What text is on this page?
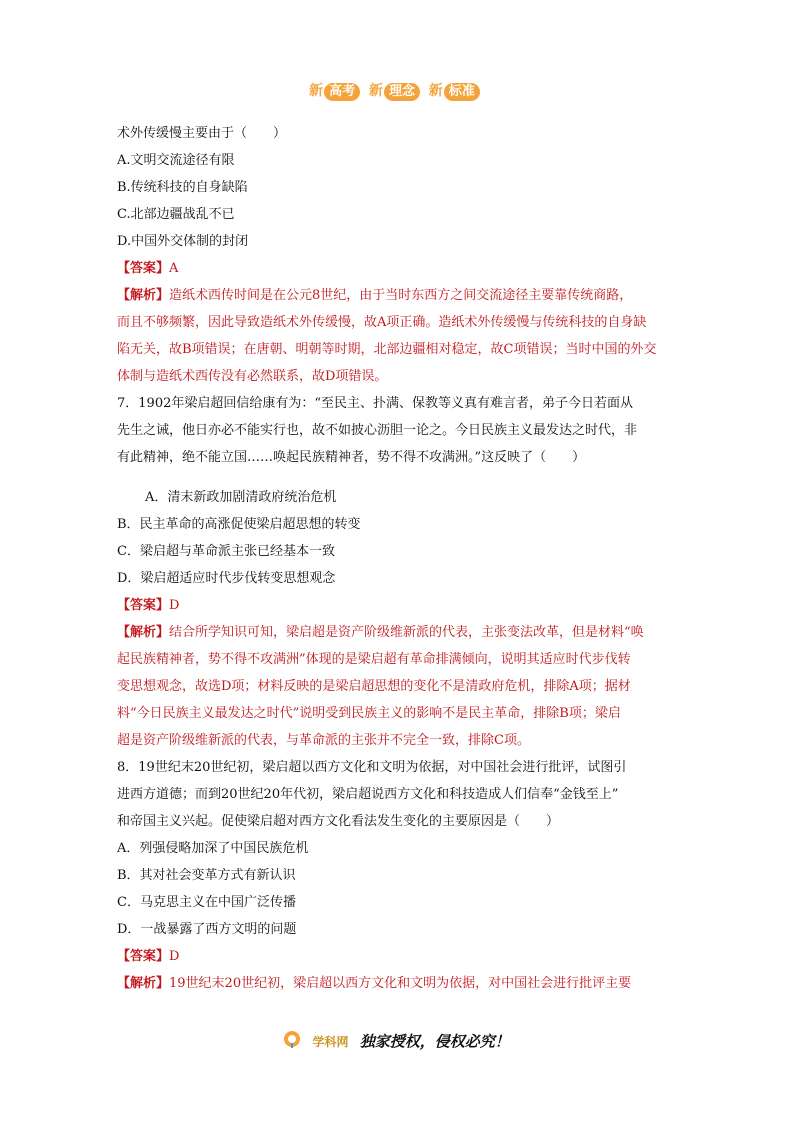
新 高考 新 理念 新 标准
术外传缓慢主要由于（　　）
A.文明交流途径有限
B.传统科技的自身缺陷
C.北部边疆战乱不已
D.中国外交体制的封闭
【答案】A
【解析】造纸术西传时间是在公元8世纪，由于当时东西方之间交流途径主要靠传统商路，
而且不够频繁，因此导致造纸术外传缓慢，故A项正确。造纸术外传缓慢与传统科技的自身缺
陷无关，故B项错误；在唐朝、明朝等时期，北部边疆相对稳定，故C项错误；当时中国的外交
体制与造纸术西传没有必然联系，故D项错误。
7．1902年梁启超回信给康有为：“至民主、扑满、保教等义真有难言者，弟子今日若面从
先生之诫，他日亦必不能实行也，故不如披心沥胆一论之。今日民族主义最发达之时代，非
有此精神，绝不能立国……唤起民族精神者，势不得不攻满洲。”这反映了（　　）
A．清末新政加剧清政府统治危机
B．民主革命的高涨促使梁启超思想的转变
C．梁启超与革命派主张已经基本一致
D．梁启超适应时代步伐转变思想观念
【答案】D
【解析】结合所学知识可知，梁启超是资产阶级维新派的代表，主张变法改革，但是材料“唤
起民族精神者，势不得不攻满洲”体现的是梁启超有革命排满倾向，说明其适应时代步伐转
变思想观念，故选D项；材料反映的是梁启超思想的变化不是清政府危机，排除A项；据材
料“今日民族主义最发达之时代”说明受到民族主义的影响不是民主革命，排除B项；梁启
超是资产阶级维新派的代表，与革命派的主张并不完全一致，排除C项。
8．19世纪末20世纪初，梁启超以西方文化和文明为依据，对中国社会进行批评，试图引
进西方道德；而到20世纪20年代初，梁启超说西方文化和科技造成人们信奉“金钱至上”
和帝国主义兴起。促使梁启超对西方文化看法发生变化的主要原因是（　　）
A．列强侵略加深了中国民族危机
B．其对社会变革方式有新认识
C．马克思主义在中国广泛传播
D．一战暴露了西方文明的问题
【答案】D
【解析】19世纪末20世纪初，梁启超以西方文化和文明为依据，对中国社会进行批评主要
学科网 独家授权，侵权必究！
